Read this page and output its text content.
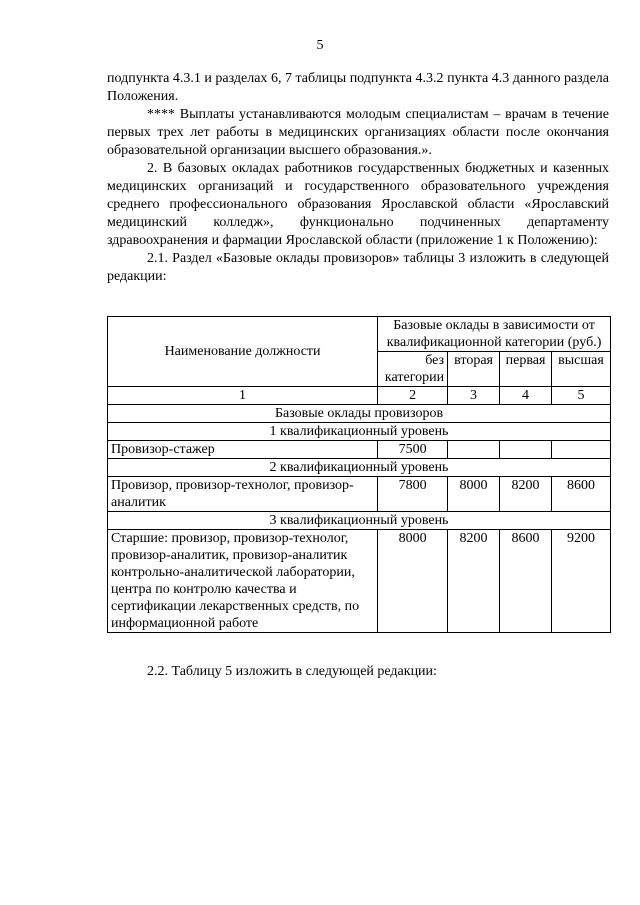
5

подпункта 4.3.1 и разделах 6, 7 таблицы подпункта 4.3.2 пункта 4.3 данного раздела Положения.

**** Выплаты устанавливаются молодым специалистам – врачам в течение первых трех лет работы в медицинских организациях области после окончания образовательной организации высшего образования.».

2. В базовых окладах работников государственных бюджетных и казенных медицинских организаций и государственного образовательного учреждения среднего профессионального образования Ярославской области «Ярославский медицинский колледж», функционально подчиненных департаменту здравоохранения и фармации Ярославской области (приложение 1 к Положению):

2.1. Раздел «Базовые оклады провизоров» таблицы 3 изложить в следующей редакции:

Наименование должности	Базовые оклады в зависимости от квалификационной категории (руб.)			
	без категории	вторая	первая	высшая
1	2	3	4	5
Базовые оклады провизоров				
1 квалификационный уровень				
Провизор-стажер	7500			
2 квалификационный уровень				
Провизор, провизор-технолог, провизор-аналитик	7800	8000	8200	8600
3 квалификационный уровень				
Старшие: провизор, провизор-технолог, провизор-аналитик, провизор-аналитик контрольно-аналитической лаборатории, центра по контролю качества и сертификации лекарственных средств, по информационной работе	8000	8200	8600	9200
2.2. Таблицу 5 изложить в следующей редакции:
